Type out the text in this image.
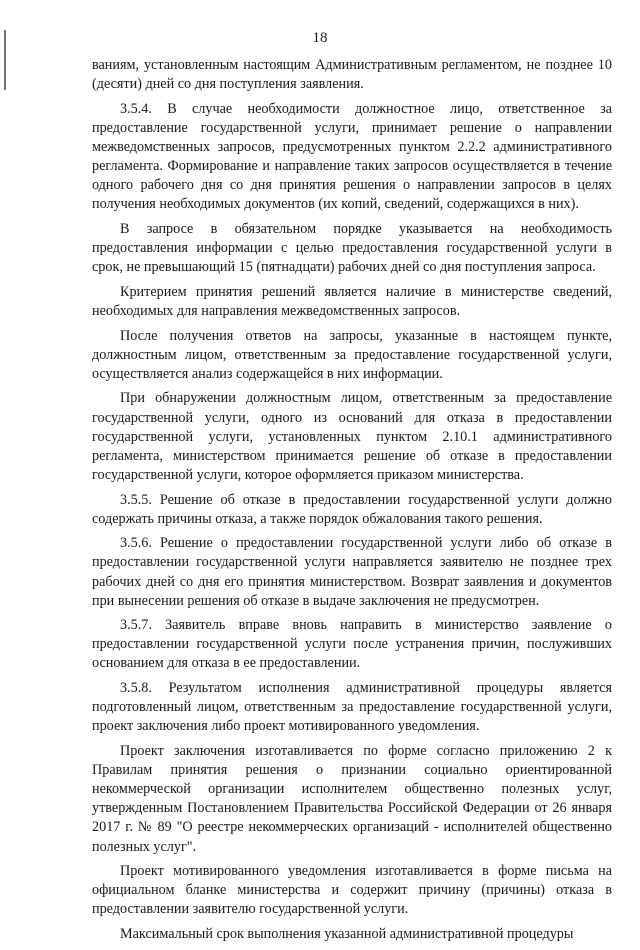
18

ваниям, установленным настоящим Административным регламентом, не позднее 10 (десяти) дней со дня поступления заявления.

3.5.4. В случае необходимости должностное лицо, ответственное за предоставление государственной услуги, принимает решение о направлении межведомственных запросов, предусмотренных пунктом 2.2.2 административного регламента. Формирование и направление таких запросов осуществляется в течение одного рабочего дня со дня принятия решения о направлении запросов в целях получения необходимых документов (их копий, сведений, содержащихся в них).

В запросе в обязательном порядке указывается на необходимость предоставления информации с целью предоставления государственной услуги в срок, не превышающий 15 (пятнадцати) рабочих дней со дня поступления запроса.

Критерием принятия решений является наличие в министерстве сведений, необходимых для направления межведомственных запросов.

После получения ответов на запросы, указанные в настоящем пункте, должностным лицом, ответственным за предоставление государственной услуги, осуществляется анализ содержащейся в них информации.

При обнаружении должностным лицом, ответственным за предоставление государственной услуги, одного из оснований для отказа в предоставлении государственной услуги, установленных пунктом 2.10.1 административного регламента, министерством принимается решение об отказе в предоставлении государственной услуги, которое оформляется приказом министерства.

3.5.5. Решение об отказе в предоставлении государственной услуги должно содержать причины отказа, а также порядок обжалования такого решения.

3.5.6. Решение о предоставлении государственной услуги либо об отказе в предоставлении государственной услуги направляется заявителю не позднее трех рабочих дней со дня его принятия министерством. Возврат заявления и документов при вынесении решения об отказе в выдаче заключения не предусмотрен.

3.5.7. Заявитель вправе вновь направить в министерство заявление о предоставлении государственной услуги после устранения причин, послуживших основанием для отказа в ее предоставлении.

3.5.8. Результатом исполнения административной процедуры является подготовленный лицом, ответственным за предоставление государственной услуги, проект заключения либо проект мотивированного уведомления.

Проект заключения изготавливается по форме согласно приложению 2 к Правилам принятия решения о признании социально ориентированной некоммерческой организации исполнителем общественно полезных услуг, утвержденным Постановлением Правительства Российской Федерации от 26 января 2017 г. № 89 "О реестре некоммерческих организаций - исполнителей общественно полезных услуг".

Проект мотивированного уведомления изготавливается в форме письма на официальном бланке министерства и содержит причину (причины) отказа в предоставлении заявителю государственной услуги.

Максимальный срок выполнения указанной административной процедуры
